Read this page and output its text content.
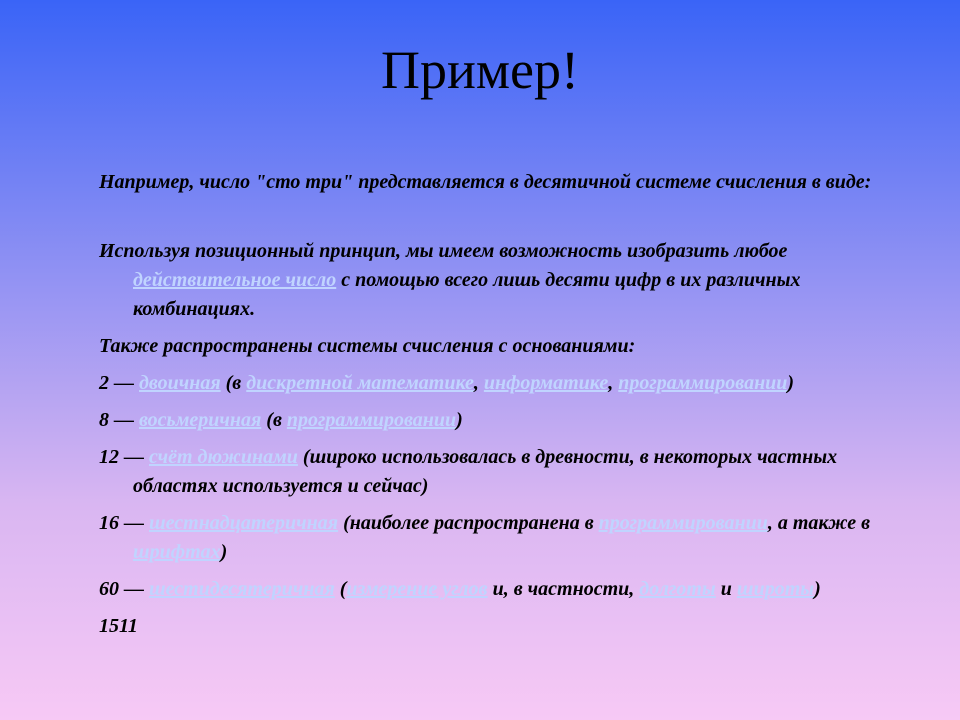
Пример!

Например, число "сто три" представляется в десятичной системе счисления в виде:

Используя позиционный принцип, мы имеем возможность изобразить любое действительное число с помощью всего лишь десяти цифр в их различных комбинациях.

Также распространены системы счисления с основаниями:

2 — двоичная (в дискретной математике, информатике, программировании)

8 — восьмеричная (в программировании)

12 — счёт дюжинами (широко использовалась в древности, в некоторых частных областях используется и сейчас)

16 — шестнадцатеричная (наиболее распространена в программировании, а также в шрифтах)

60 — шестидесятеричная (измерение углов и, в частности, долготы и широты)

1511
